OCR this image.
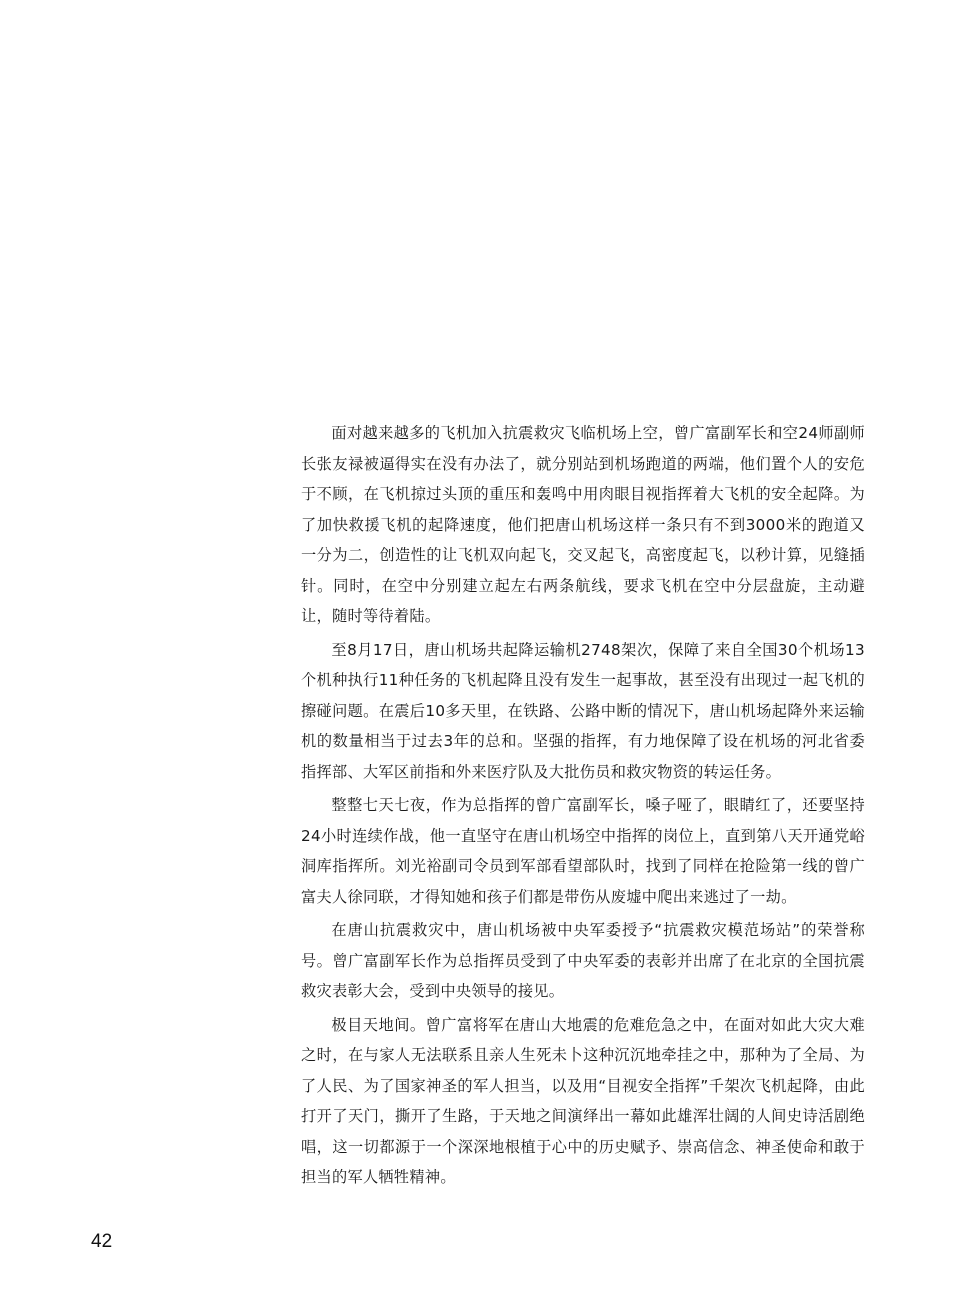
面对越来越多的飞机加入抗震救灾飞临机场上空，曾广富副军长和空24师副师长张友禄被逼得实在没有办法了，就分别站到机场跑道的两端，他们置个人的安危于不顾，在飞机掠过头顶的重压和轰鸣中用肉眼目视指挥着大飞机的安全起降。为了加快救援飞机的起降速度，他们把唐山机场这样一条只有不到3000米的跑道又一分为二，创造性的让飞机双向起飞，交叉起飞，高密度起飞，以秒计算，见缝插针。同时，在空中分别建立起左右两条航线，要求飞机在空中分层盘旋，主动避让，随时等待着陆。

至8月17日，唐山机场共起降运输机2748架次，保障了来自全国30个机场13个机种执行11种任务的飞机起降且没有发生一起事故，甚至没有出现过一起飞机的擦碰问题。在震后10多天里，在铁路、公路中断的情况下，唐山机场起降外来运输机的数量相当于过去3年的总和。坚强的指挥，有力地保障了设在机场的河北省委指挥部、大军区前指和外来医疗队及大批伤员和救灾物资的转运任务。

整整七天七夜，作为总指挥的曾广富副军长，嗓子哑了，眼睛红了，还要坚持24小时连续作战，他一直坚守在唐山机场空中指挥的岗位上，直到第八天开通党峪洞库指挥所。刘光裕副司令员到军部看望部队时，找到了同样在抢险第一线的曾广富夫人徐同联，才得知她和孩子们都是带伤从废墟中爬出来逃过了一劫。

在唐山抗震救灾中，唐山机场被中央军委授予“抗震救灾模范场站”的荣誉称号。曾广富副军长作为总指挥员受到了中央军委的表彰并出席了在北京的全国抗震救灾表彰大会，受到中央领导的接见。

极目天地间。曾广富将军在唐山大地震的危难危急之中，在面对如此大灾大难之时，在与家人无法联系且亲人生死未卜这种沉沉地牵挂之中，那种为了全局、为了人民、为了国家神圣的军人担当，以及用“目视安全指挥”千架次飞机起降，由此打开了天门，撕开了生路，于天地之间演绎出一幕如此雄浑壮阔的人间史诗活剧绝唱，这一切都源于一个深深地根植于心中的历史赋予、崇高信念、神圣使命和敢于担当的军人牺牲精神。

42
